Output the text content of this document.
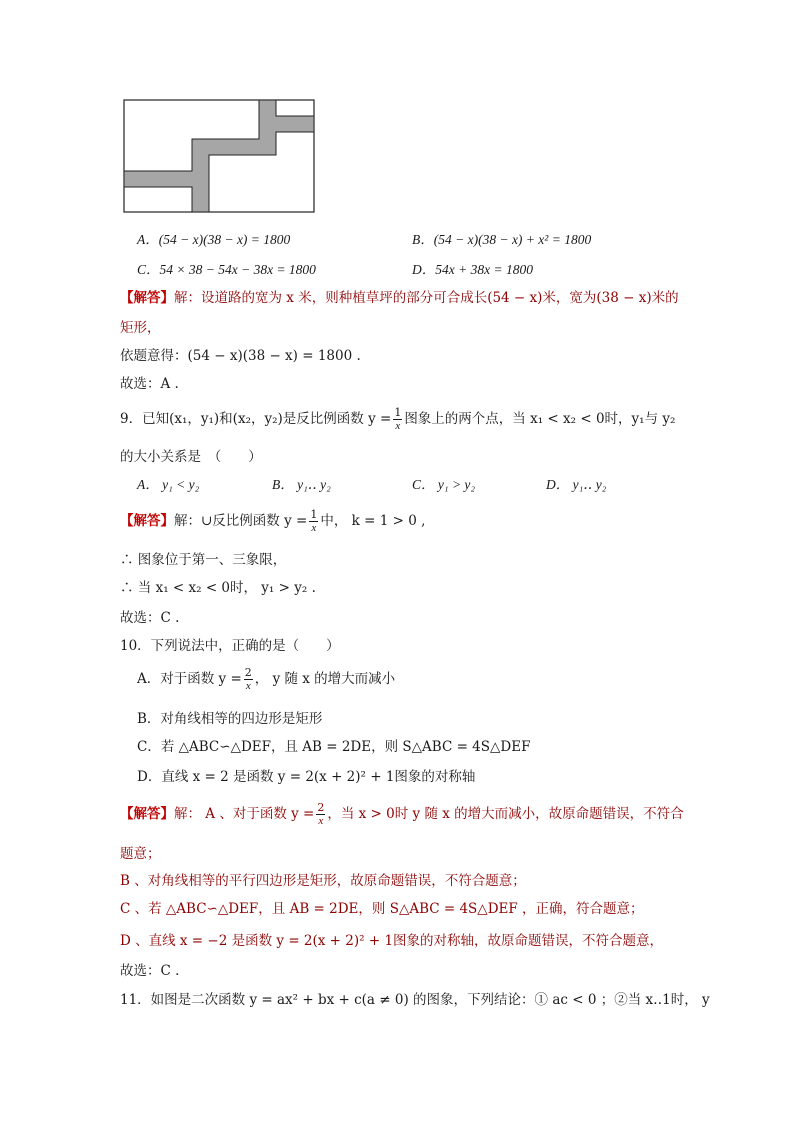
A．(54 − x)(38 − x) = 1800	B．(54 − x)(38 − x) + x² = 1800
C．54 × 38 − 54x − 38x = 1800	D．54x + 38x = 1800
【解答】解：设道路的宽为 x 米，则种植草坪的部分可合成长(54 − x)米，宽为(38 − x)米的
矩形，
依题意得：(54 − x)(38 − x) = 1800 .
故选：A .
9．已知(x₁，y₁)和(x₂，y₂)是反比例函数 $y = \frac{1}{x}$ 图象上的两个点，当 x₁ < x₂ < 0时，y₁与 y₂
的大小关系是　（　　）
A． y₁ < y₂	B． y₁‥ y₂	C． y₁ > y₂	D． y₁‥ y₂
【解答】解：∪反比例函数 $y = \frac{1}{x}$ 中， k = 1 > 0 ,
∴ 图象位于第一、三象限，
∴ 当 x₁ < x₂ < 0时， y₁ > y₂ .
故选：C .
10．下列说法中，正确的是（　　）
A．对于函数 $y = \frac{2}{x}$ ， y 随 x 的增大而减小
B．对角线相等的四边形是矩形
C．若 △ABC∽△DEF，且 AB = 2DE，则 S△ABC = 4S△DEF
D．直线 x = 2 是函数 y = 2(x + 2)² + 1图象的对称轴
【解答】解： A 、对于函数 $y = \frac{2}{x}$ ，当 x > 0时 y 随 x 的增大而减小，故原命题错误，不符合
题意；
B 、对角线相等的平行四边形是矩形，故原命题错误，不符合题意；
C 、若 △ABC∽△DEF，且 AB = 2DE，则 S△ABC = 4S△DEF ，正确，符合题意；
D 、直线 x = −2 是函数 y = 2(x + 2)² + 1图象的对称轴，故原命题错误，不符合题意，
故选：C .
11．如图是二次函数 y = ax² + bx + c(a ≠ 0) 的图象，下列结论：① ac < 0 ；②当 x‥1时， y
